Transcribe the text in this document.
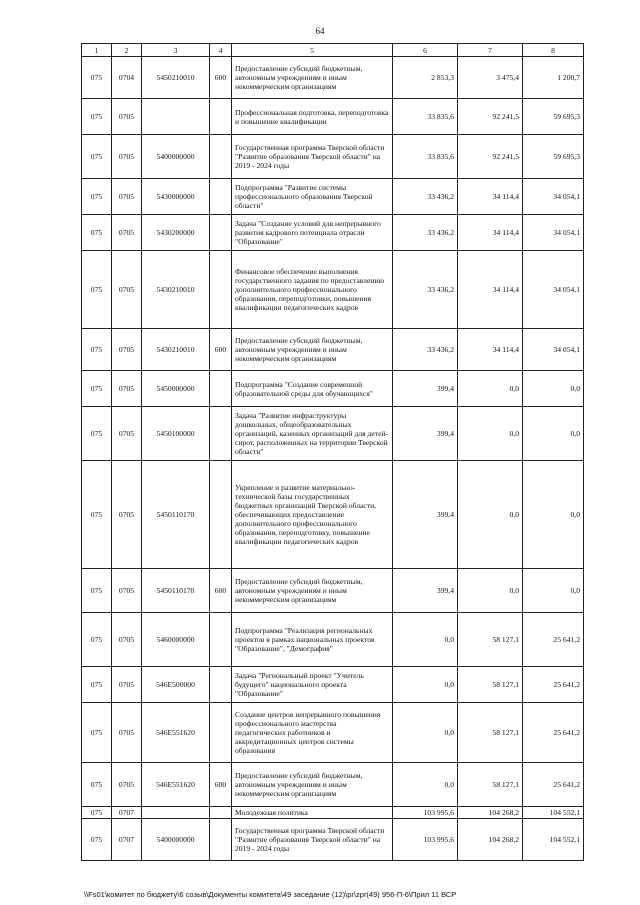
64
1	2	3	4	5	6	7	8
075	0704	5450210010	600	Предоставление субсидий бюджетным, автономным учреждениям и иным некоммерческим организациям	2 853,3	3 475,4	1 200,7
075	0705			Профессиональная подготовка, переподготовка и повышение квалификации	33 835,6	92 241,5	59 695,3
075	0705	5400000000		Государственная программа Тверской области "Развитие образования Тверской области" на 2019 - 2024 годы	33 835,6	92 241,5	59 695,3
075	0705	5430000000		Подпрограмма "Развитие системы профессионального образования Тверской области"	33 436,2	34 114,4	34 054,1
075	0705	5430200000		Задача "Создание условий для непрерывного развития кадрового потенциала отрасли "Образование"	33 436,2	34 114,4	34 054,1
075	0705	5430210010		Финансовое обеспечение выполнения государственного задания по предоставлению дополнительного профессионального образования, переподготовки, повышения квалификации педагогических кадров	33 436,2	34 114,4	34 054,1
075	0705	5430210010	600	Предоставление субсидий бюджетным, автономным учреждениям и иным некоммерческим организациям	33 436,2	34 114,4	34 054,1
075	0705	5450000000		Подпрограмма "Создание современной образовательной среды для обучающихся"	399,4	0,0	0,0
075	0705	5450100000		Задача "Развитие инфраструктуры дошкольных, общеобразовательных организаций, казенных организаций для детей-сирот, расположенных на территории Тверской области"	399,4	0,0	0,0
075	0705	5450110170		Укрепление и развитие материально-технической базы государственных бюджетных организаций Тверской области, обеспечивающих предоставление дополнительного профессионального образования, переподготовку, повышение квалификации педагогических кадров	399,4	0,0	0,0
075	0705	5450110170	600	Предоставление субсидий бюджетным, автономным учреждениям и иным некоммерческим организациям	399,4	0,0	0,0
075	0705	5460000000		Подпрограмма "Реализация региональных проектов в рамках национальных проектов "Образование", "Демография"	0,0	58 127,1	25 641,2
075	0705	546E500000		Задача "Региональный проект "Учитель будущего" национального проекта "Образование"	0,0	58 127,1	25 641,2
075	0705	546E551620		Создание центров непрерывного повышения профессионального мастерства педагогических работников и аккредитационных центров системы образования	0,0	58 127,1	25 641,2
075	0705	546E551620	600	Предоставление субсидий бюджетным, автономным учреждениям и иным некоммерческим организациям	0,0	58 127,1	25 641,2
075	0707			Молодежная политика	103 995,6	104 268,2	104 552,1
075	0707	5400000000		Государственная программа Тверской области "Развитие образования Тверской области" на 2019 - 2024 годы	103 995,6	104 268,2	104 552,1
\\Fs01\комитет по бюджету\6 созыв\Документы комитета\49 заседание (12)\pr\zpr(49) 956-П-6\Прил 11 ВСР
